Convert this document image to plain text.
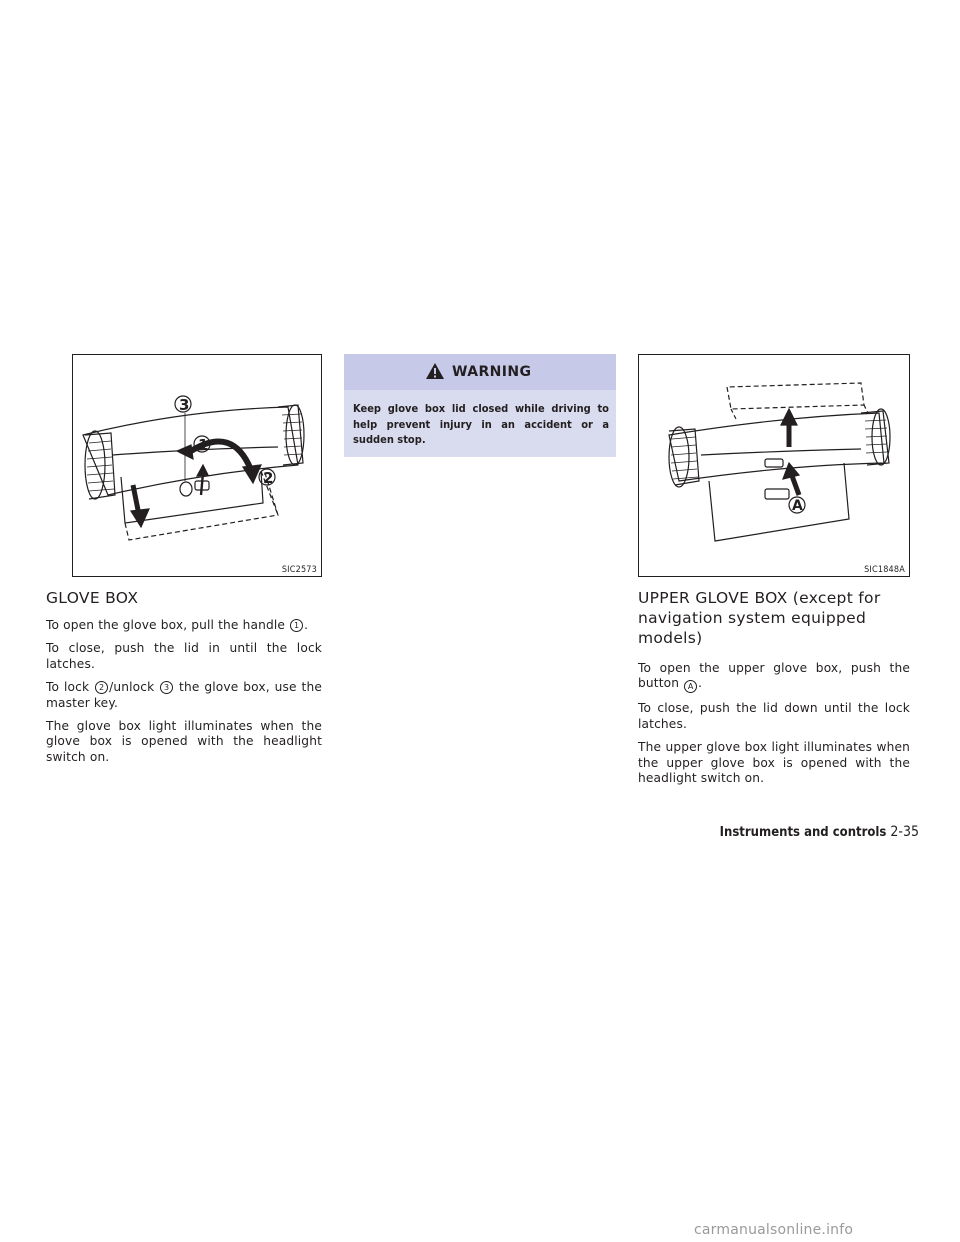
3
1
2
SIC2573
WARNING
Keep glove box lid closed while driving to help prevent injury in an accident or a sudden stop.
A
SIC1848A
GLOVE BOX

To open the glove box, pull the handle 1 .

To close, push the lid in until the lock latches.

To lock 2 /unlock 3 the glove box, use the master key.

The glove box light illuminates when the glove box is opened with the headlight switch on.

UPPER GLOVE BOX (except for navigation system equipped models)

To open the upper glove box, push the button A .

To close, push the lid down until the lock latches.

The upper glove box light illuminates when the upper glove box is opened with the headlight switch on.

Instruments and controls 2-35
carmanualsonline.info
